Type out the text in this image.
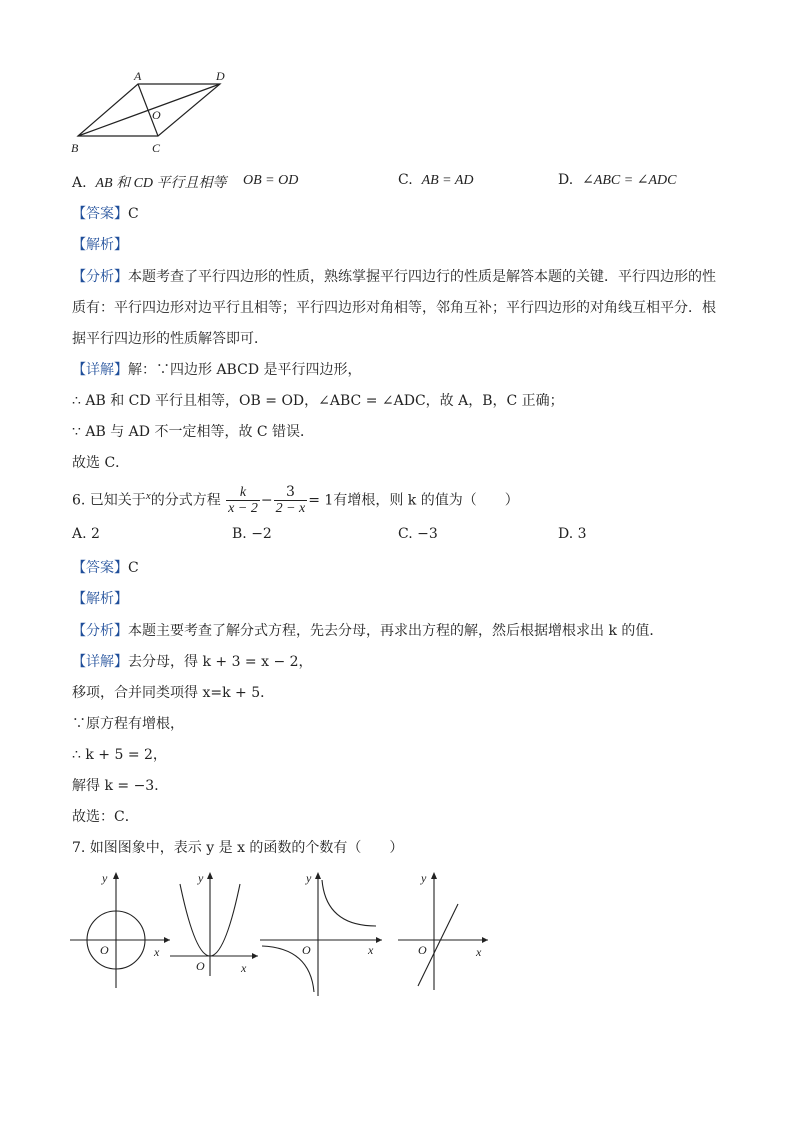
A	D
O
B	C
A. AB 和 CD 平行且相等 OB = OD	C. AB = AD	D. ∠ABC = ∠ADC
【答案】C
【解析】
【分析】本题考查了平行四边形的性质，熟练掌握平行四边行的性质是解答本题的关键．平行四边形的性
质有：平行四边形对边平行且相等；平行四边形对角相等，邻角互补；平行四边形的对角线互相平分．根
据平行四边形的性质解答即可．
【详解】解：∵四边形 ABCD 是平行四边形，
∴ AB 和 CD 平行且相等，OB = OD，∠ABC = ∠ADC，故 A，B，C 正确；
∵ AB 与 AD 不一定相等，故 C 错误．
故选 C．
6. 已知关于$^x$的分式方程 $\frac{k}{x - 2} - \frac{3}{2 - x} = 1$有增根，则 k 的值为（　　）
A. 2	B. −2	C. −3	D. 3
【答案】C
【解析】
【分析】本题主要考查了解分式方程，先去分母，再求出方程的解，然后根据增根求出 k 的值．
【详解】去分母，得 k + 3 = x − 2，
移项，合并同类项得 x=k + 5．
∵原方程有增根，
∴ k + 5 = 2，
解得 k = −3．
故选：C．
7. 如图图象中，表示 y 是 x 的函数的个数有（　　）
y
O	x
y
O	x
y
O	x
y
O	x
